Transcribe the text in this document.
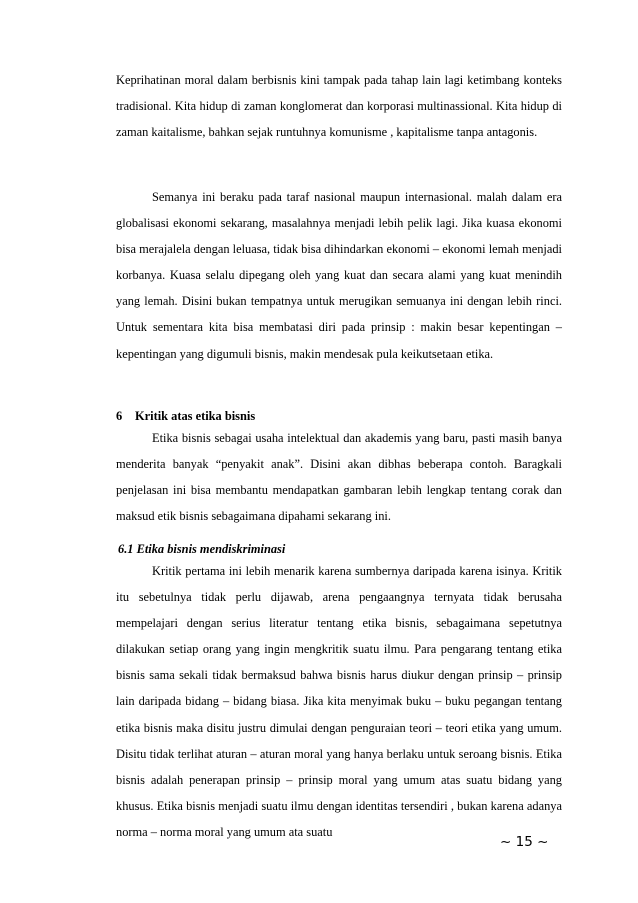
Keprihatinan moral dalam berbisnis kini tampak pada tahap lain lagi ketimbang konteks tradisional. Kita hidup di zaman konglomerat dan korporasi multinassional. Kita hidup di zaman kaitalisme, bahkan sejak runtuhnya komunisme , kapitalisme tanpa antagonis.

Semanya ini beraku pada taraf nasional maupun internasional. malah dalam era globalisasi ekonomi sekarang, masalahnya menjadi lebih pelik lagi. Jika kuasa ekonomi bisa merajalela dengan leluasa, tidak bisa dihindarkan ekonomi – ekonomi lemah menjadi korbanya. Kuasa selalu dipegang oleh yang kuat dan secara alami yang kuat menindih yang lemah. Disini bukan tempatnya untuk merugikan semuanya ini dengan lebih rinci. Untuk sementara kita bisa membatasi diri pada prinsip : makin besar kepentingan – kepentingan yang digumuli bisnis, makin mendesak pula keikutsetaan etika.

6 Kritik atas etika bisnis

Etika bisnis sebagai usaha intelektual dan akademis yang baru, pasti masih banya menderita banyak “penyakit anak”. Disini akan dibhas beberapa contoh. Baragkali penjelasan ini bisa membantu mendapatkan gambaran lebih lengkap tentang corak dan maksud etik bisnis sebagaimana dipahami sekarang ini.

6.1 Etika bisnis mendiskriminasi

Kritik pertama ini lebih menarik karena sumbernya daripada karena isinya. Kritik itu sebetulnya tidak perlu dijawab, arena pengaangnya ternyata tidak berusaha mempelajari dengan serius literatur tentang etika bisnis, sebagaimana sepetutnya dilakukan setiap orang yang ingin mengkritik suatu ilmu. Para pengarang tentang etika bisnis sama sekali tidak bermaksud bahwa bisnis harus diukur dengan prinsip – prinsip lain daripada bidang – bidang biasa. Jika kita menyimak buku – buku pegangan tentang etika bisnis maka disitu justru dimulai dengan penguraian teori – teori etika yang umum. Disitu tidak terlihat aturan – aturan moral yang hanya berlaku untuk seroang bisnis. Etika bisnis adalah penerapan prinsip – prinsip moral yang umum atas suatu bidang yang khusus. Etika bisnis menjadi suatu ilmu dengan identitas tersendiri , bukan karena adanya norma – norma moral yang umum ata suatu

~ 15 ~
